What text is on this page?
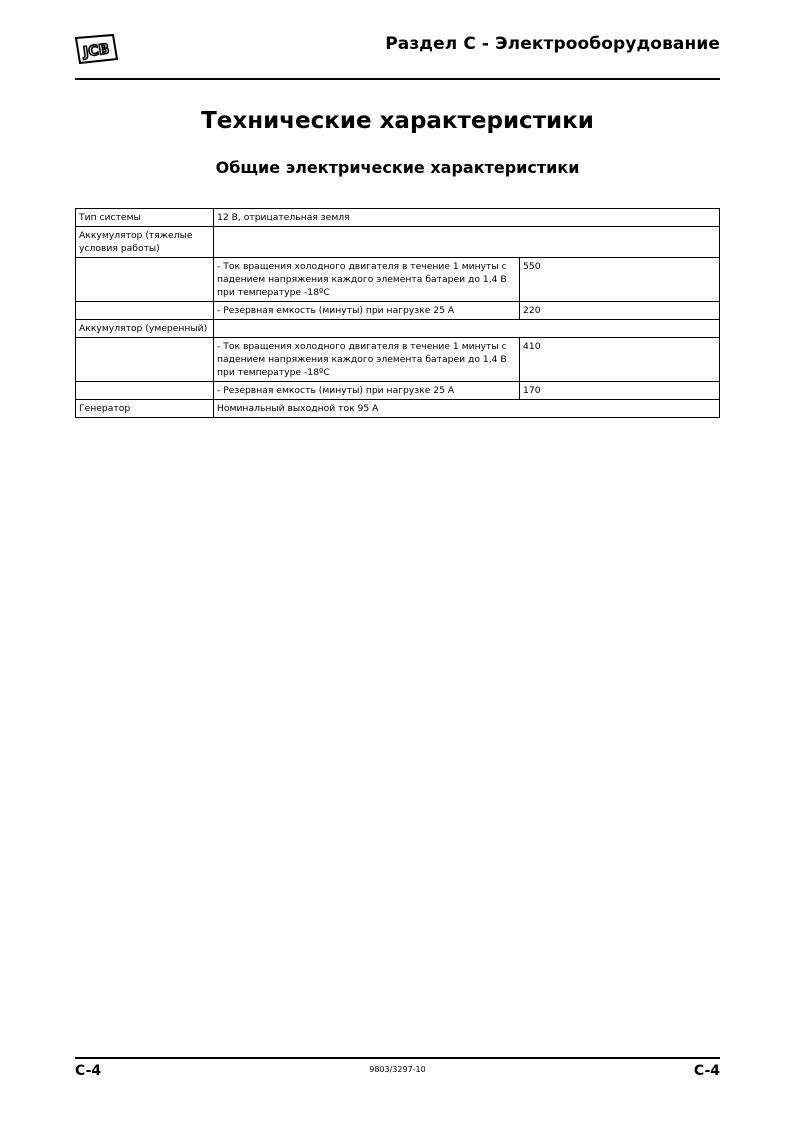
JCB	Раздел C - Электрооборудование
Технические характеристики
Общие электрические характеристики
Тип системы	12 В, отрицательная земля	
Аккумулятор (тяжелые условия работы)		
	- Ток вращения холодного двигателя в течение 1 минуты с падением напряжения каждого элемента батареи до 1,4 В при температуре -18ºC	550
	- Резервная емкость (минуты) при нагрузке 25 А	220
Аккумулятор (умеренный)		
	- Ток вращения холодного двигателя в течение 1 минуты с падением напряжения каждого элемента батареи до 1,4 В при температуре -18ºC	410
	- Резервная емкость (минуты) при нагрузке 25 А	170
Генератор	Номинальный выходной ток 95 А	
C-4	9803/3297-10	C-4
